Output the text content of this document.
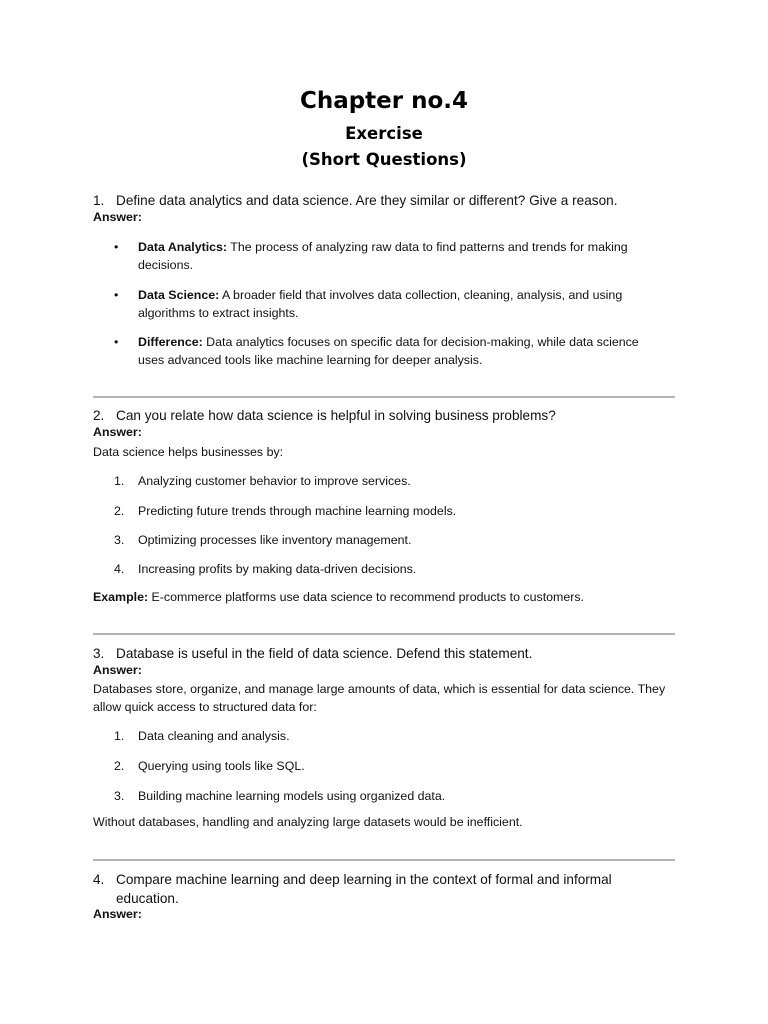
Chapter no.4
Exercise
(Short Questions)
1. Define data analytics and data science. Are they similar or different? Give a reason.
Answer:
•	Data Analytics: The process of analyzing raw data to find patterns and trends for making decisions.
•	Data Science: A broader field that involves data collection, cleaning, analysis, and using algorithms to extract insights.
•	Difference: Data analytics focuses on specific data for decision-making, while data science uses advanced tools like machine learning for deeper analysis.
2. Can you relate how data science is helpful in solving business problems?
Answer:
Data science helps businesses by:
1.	Analyzing customer behavior to improve services.
2.	Predicting future trends through machine learning models.
3.	Optimizing processes like inventory management.
4.	Increasing profits by making data-driven decisions.
Example: E-commerce platforms use data science to recommend products to customers.
3. Database is useful in the field of data science. Defend this statement.
Answer:
Databases store, organize, and manage large amounts of data, which is essential for data science. They allow quick access to structured data for:
1.	Data cleaning and analysis.
2.	Querying using tools like SQL.
3.	Building machine learning models using organized data.
Without databases, handling and analyzing large datasets would be inefficient.
4. Compare machine learning and deep learning in the context of formal and informal education.
Answer:
